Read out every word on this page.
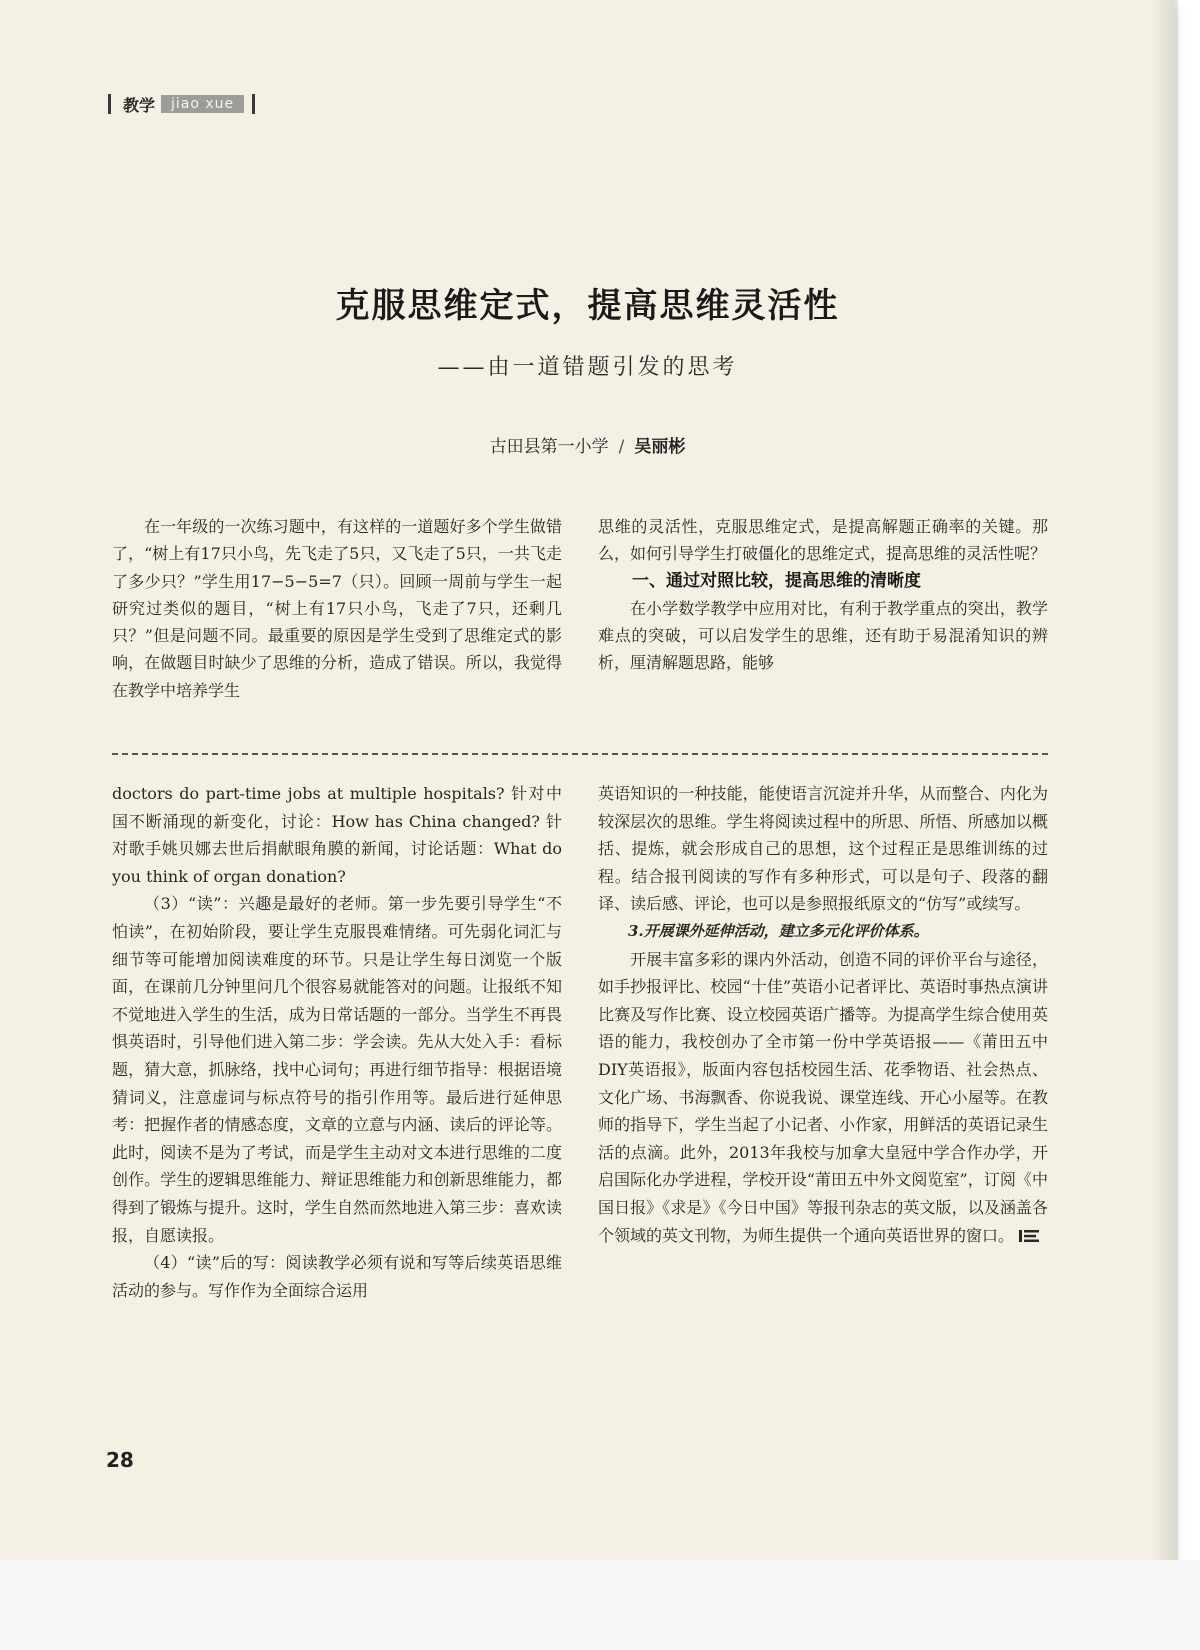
教学	jiao xue
克服思维定式，提高思维灵活性
——由一道错题引发的思考
古田县第一小学 / 吴丽彬

在一年级的一次练习题中，有这样的一道题好多个学生做错了，“树上有17只小鸟，先飞走了5只，又飞走了5只，一共飞走了多少只？”学生用17−5−5=7（只）。回顾一周前与学生一起研究过类似的题目，“树上有17只小鸟，飞走了7只，还剩几只？”但是问题不同。最重要的原因是学生受到了思维定式的影响，在做题目时缺少了思维的分析，造成了错误。所以，我觉得在教学中培养学生

思维的灵活性，克服思维定式，是提高解题正确率的关键。那么，如何引导学生打破僵化的思维定式，提高思维的灵活性呢？

一、通过对照比较，提高思维的清晰度

在小学数学教学中应用对比，有利于教学重点的突出，教学难点的突破，可以启发学生的思维，还有助于易混淆知识的辨析，厘清解题思路，能够

doctors do part-time jobs at multiple hospitals? 针对中国不断涌现的新变化，讨论：How has China changed? 针对歌手姚贝娜去世后捐献眼角膜的新闻，讨论话题：What do you think of organ donation?

（3）“读”：兴趣是最好的老师。第一步先要引导学生“不怕读”，在初始阶段，要让学生克服畏难情绪。可先弱化词汇与细节等可能增加阅读难度的环节。只是让学生每日浏览一个版面，在课前几分钟里问几个很容易就能答对的问题。让报纸不知不觉地进入学生的生活，成为日常话题的一部分。当学生不再畏惧英语时，引导他们进入第二步：学会读。先从大处入手：看标题，猜大意，抓脉络，找中心词句；再进行细节指导：根据语境猜词义，注意虚词与标点符号的指引作用等。最后进行延伸思考：把握作者的情感态度，文章的立意与内涵、读后的评论等。此时，阅读不是为了考试，而是学生主动对文本进行思维的二度创作。学生的逻辑思维能力、辩证思维能力和创新思维能力，都得到了锻炼与提升。这时，学生自然而然地进入第三步：喜欢读报，自愿读报。

（4）“读”后的写：阅读教学必须有说和写等后续英语思维活动的参与。写作作为全面综合运用

英语知识的一种技能，能使语言沉淀并升华，从而整合、内化为较深层次的思维。学生将阅读过程中的所思、所悟、所感加以概括、提炼，就会形成自己的思想，这个过程正是思维训练的过程。结合报刊阅读的写作有多种形式，可以是句子、段落的翻译、读后感、评论，也可以是参照报纸原文的“仿写”或续写。

3.开展课外延伸活动，建立多元化评价体系。

开展丰富多彩的课内外活动，创造不同的评价平台与途径，如手抄报评比、校园“十佳”英语小记者评比、英语时事热点演讲比赛及写作比赛、设立校园英语广播等。为提高学生综合使用英语的能力，我校创办了全市第一份中学英语报——《莆田五中DIY英语报》，版面内容包括校园生活、花季物语、社会热点、文化广场、书海飘香、你说我说、课堂连线、开心小屋等。在教师的指导下，学生当起了小记者、小作家，用鲜活的英语记录生活的点滴。此外，2013年我校与加拿大皇冠中学合作办学，开启国际化办学进程，学校开设“莆田五中外文阅览室”，订阅《中国日报》《求是》《今日中国》等报刊杂志的英文版，以及涵盖各个领域的英文刊物，为师生提供一个通向英语世界的窗口。

28
